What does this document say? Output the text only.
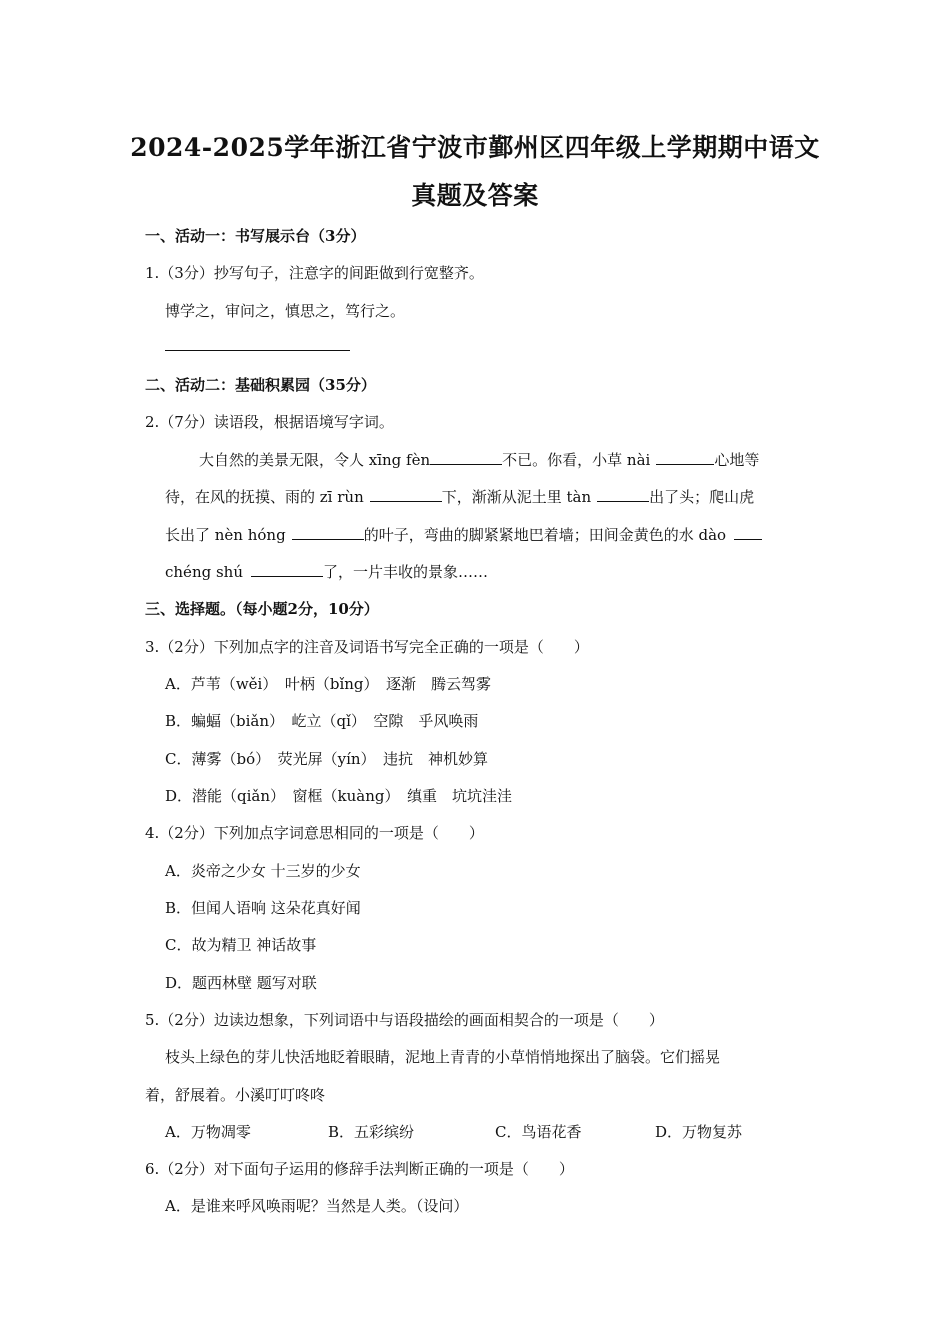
2024-2025学年浙江省宁波市鄞州区四年级上学期期中语文
真题及答案
一、活动一：书写展示台（3分）
1.（3分）抄写句子，注意字的间距做到行宽整齐。
博学之，审问之，慎思之，笃行之。
二、活动二：基础积累园（35分）
2.（7分）读语段，根据语境写字词。
大自然的美景无限，令人 xīng fèn	不已。你看，小草 nài	心地等
待，在风的抚摸、雨的 zī rùn	下，渐渐从泥土里 tàn	出了头；爬山虎
长出了 nèn hóng	的叶子，弯曲的脚紧紧地巴着墙；田间金黄色的水 dào
chéng shú	了，一片丰收的景象……
三、选择题。（每小题2分，10分）
3.（2分）下列加点字的注音及词语书写完全正确的一项是（　　）
A．芦苇（wěi）　叶柄（bǐng）　逐渐　腾云驾雾
B．蝙蝠（biǎn）　屹立（qǐ）　空隙　乎风唤雨
C．薄雾（bó）　荧光屏（yín）　违抗　神机妙算
D．潜能（qiǎn）　窗框（kuàng）　缜重　坑坑洼洼
4.（2分）下列加点字词意思相同的一项是（　　）
A．炎帝之少女 十三岁的少女
B．但闻人语响 这朵花真好闻
C．故为精卫 神话故事
D．题西林壁 题写对联
5.（2分）边读边想象，下列词语中与语段描绘的画面相契合的一项是（　　）
枝头上绿色的芽儿快活地眨着眼睛，泥地上青青的小草悄悄地探出了脑袋。它们摇晃
着，舒展着。小溪叮叮咚咚
A．万物凋零	B．五彩缤纷	C．鸟语花香	D．万物复苏
6.（2分）对下面句子运用的修辞手法判断正确的一项是（　　）
A．是谁来呼风唤雨呢？当然是人类。（设问）
